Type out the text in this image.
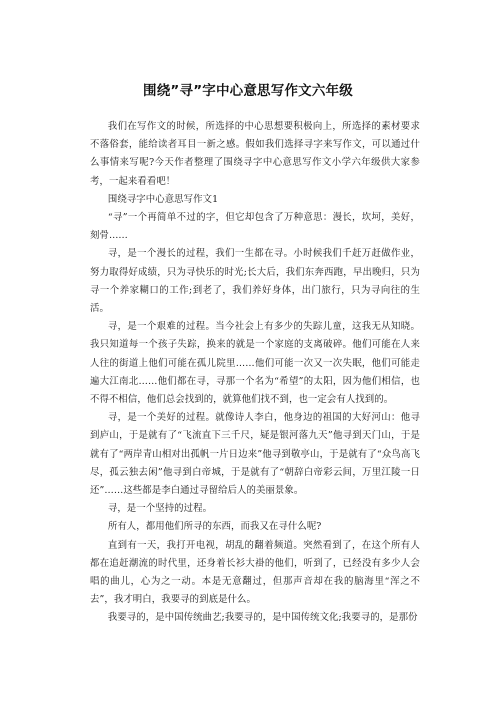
围绕”寻”字中心意思写作文六年级

我们在写作文的时候，所选择的中心思想要积极向上，所选择的素材要求不落俗套，能给读者耳目一新之感。假如我们选择寻字来写作文，可以通过什么事情来写呢?今天作者整理了围绕寻字中心意思写作文小学六年级供大家参考，一起来看看吧！

围绕寻字中心意思写作文1

“寻”一个再简单不过的字，但它却包含了万种意思：漫长，坎坷，美好，刻骨……

寻，是一个漫长的过程，我们一生都在寻。小时候我们千赶万赶做作业，努力取得好成绩，只为寻快乐的时光;长大后，我们东奔西跑，早出晚归，只为寻一个养家糊口的工作;到老了，我们养好身体，出门旅行，只为寻向往的生活。

寻，是一个艰难的过程。当今社会上有多少的失踪儿童，这我无从知晓。我只知道每一个孩子失踪，换来的就是一个家庭的支离破碎。他们可能在人来人往的街道上他们可能在孤儿院里……他们可能一次又一次失眠，他们可能走遍大江南北……他们都在寻，寻那一个名为“希望”的太阳，因为他们相信，也不得不相信，他们总会找到的，就算他们找不到，也一定会有人找到的。

寻，是一个美好的过程。就像诗人李白，他身边的祖国的大好河山：他寻到庐山，于是就有了“飞流直下三千尺，疑是银河落九天”他寻到天门山，于是就有了“两岸青山相对出孤帆一片日边来”他寻到敬亭山，于是就有了“众鸟高飞尽，孤云独去闲”他寻到白帝城，于是就有了“朝辞白帝彩云间，万里江陵一日还”……这些都是李白通过寻留给后人的美丽景象。

寻，是一个坚持的过程。

所有人，都用他们所寻的东西，而我又在寻什么呢?

直到有一天，我打开电视，胡乱的翻着频道。突然看到了，在这个所有人都在追赶潮流的时代里，还身着长衫大褂的他们，听到了，已经没有多少人会唱的曲儿，心为之一动。本是无意翻过，但那声音却在我的脑海里“浑之不去”，我才明白，我要寻的到底是什么。

我要寻的，是中国传统曲艺;我要寻的，是中国传统文化;我要寻的，是那份
